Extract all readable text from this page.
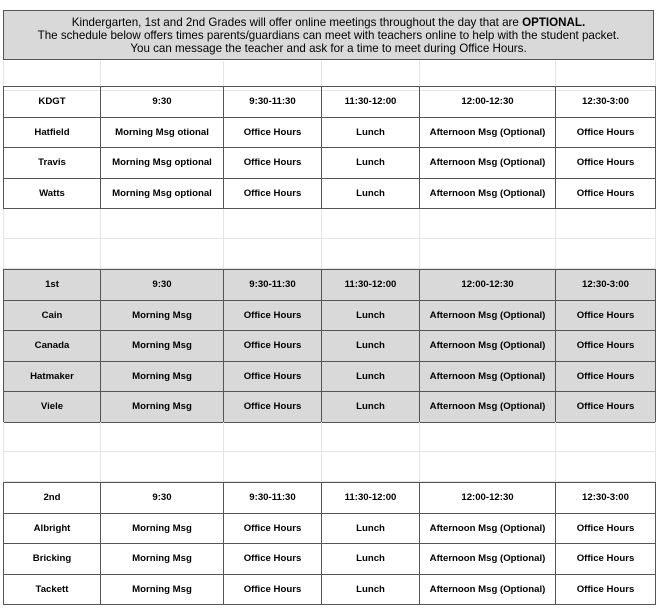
Kindergarten, 1st and 2nd Grades will offer online meetings throughout the day that are OPTIONAL.
The schedule below offers times parents/guardians can meet with teachers online to help with the student packet.
You can message the teacher and ask for a time to meet during Office Hours.

KDGT	9:30	9:30-11:30	11:30-12:00	12:00-12:30	12:30-3:00
Hatfield	Morning Msg otional	Office Hours	Lunch	Afternoon Msg (Optional)	Office Hours
Travis	Morning Msg optional	Office Hours	Lunch	Afternoon Msg (Optional)	Office Hours
Watts	Morning Msg optional	Office Hours	Lunch	Afternoon Msg (Optional)	Office Hours

1st	9:30	9:30-11:30	11:30-12:00	12:00-12:30	12:30-3:00
Cain	Morning Msg	Office Hours	Lunch	Afternoon Msg (Optional)	Office Hours
Canada	Morning Msg	Office Hours	Lunch	Afternoon Msg (Optional)	Office Hours
Hatmaker	Morning Msg	Office Hours	Lunch	Afternoon Msg (Optional)	Office Hours
Viele	Morning Msg	Office Hours	Lunch	Afternoon Msg (Optional)	Office Hours

2nd	9:30	9:30-11:30	11:30-12:00	12:00-12:30	12:30-3:00
Albright	Morning Msg	Office Hours	Lunch	Afternoon Msg (Optional)	Office Hours
Bricking	Morning Msg	Office Hours	Lunch	Afternoon Msg (Optional)	Office Hours
Tackett	Morning Msg	Office Hours	Lunch	Afternoon Msg (Optional)	Office Hours
